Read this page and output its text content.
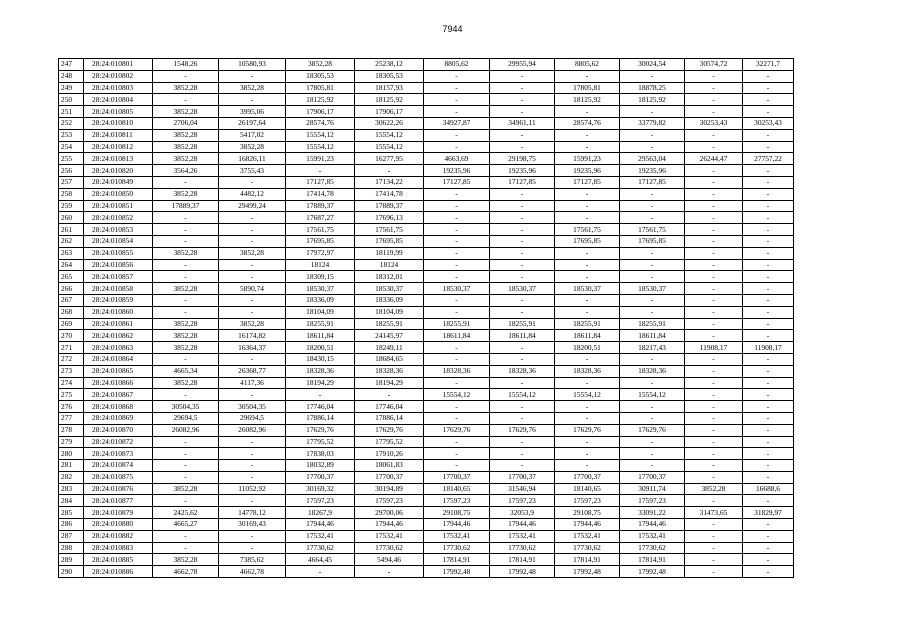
7944
247	28:24:010801	1548,26	10580,93	3852,28	25238,12	8805,62	29955,94	8805,62	30024,54	30574,72	32271,7
248	28:24:010802	-	-	18305,53	18305,53	-	-	-	-	-	-
249	28:24:010803	3852,28	3852,28	17805,81	18157,93	-	-	17805,81	18878,25	-	-
250	28:24:010804	-	-	18125,92	18125,92	-	-	18125,92	18125,92	-	-
251	28:24:010805	3852,28	3995,06	17906,17	17906,17	-	-	-	-	-	-
252	28:24:010810	2706,04	26197,64	28574,76	30622,26	34927,87	34961,11	28574,76	33779,82	30253,43	30253,43
253	28:24:010811	3852,28	5417,02	15554,12	15554,12	-	-	-	-	-	-
254	28:24:010812	3852,28	3852,28	15554,12	15554,12	-	-	-	-	-	-
255	28:24:010813	3852,28	16826,11	15991,23	16277,95	4663,69	29198,75	15991,23	29563,04	26244,47	27757,22
256	28:24:010820	3564,26	3755,43	-	-	19235,96	19235,96	19235,96	19235,96	-	-
257	28:24:010849	-	-	17127,85	17134,22	17127,85	17127,85	17127,85	17127,85	-	-
258	28:24:010850	3852,28	4482,12	17414,78	17414,78	-	-	-	-	-	-
259	28:24:010851	17889,37	29499,24	17889,37	17889,37	-	-	-	-	-	-
260	28:24:010852	-	-	17687,27	17696,13	-	-	-	-	-	-
261	28:24:010853	-	-	17561,75	17561,75	-	-	17561,75	17561,75	-	-
262	28:24:010854	-	-	17695,85	17695,85	-	-	17695,85	17695,85	-	-
263	28:24:010855	3852,28	3852,28	17972,97	18119,99	-	-	-	-	-	-
264	28:24:010856	-	-	18124	18124	-	-	-	-	-	-
265	28:24:010857	-	-	18309,15	18312,01	-	-	-	-	-	-
266	28:24:010858	3852,28	5890,74	18530,37	18530,37	18530,37	18530,37	18530,37	18530,37	-	-
267	28:24:010859	-	-	18336,09	18336,09	-	-	-	-	-	-
268	28:24:010860	-	-	18104,09	18104,09	-	-	-	-	-	-
269	28:24:010861	3852,28	3852,28	18255,91	18255,91	18255,91	18255,91	18255,91	18255,91	-	-
270	28:24:010862	3852,28	16174,82	18611,84	24145,97	18611,84	18611,84	18611,84	18611,84	-	-
271	28:24:010863	3852,28	16364,37	18200,51	18249,11	-	-	18200,51	18217,43	11908,17	11908,17
272	28:24:010864	-	-	18430,15	18684,65	-	-	-	-	-	-
273	28:24:010865	4665,34	26368,77	18328,36	18328,36	18328,36	18328,36	18328,36	18328,36	-	-
274	28:24:010866	3852,28	4117,36	18194,29	18194,29	-	-	-	-	-	-
275	28:24:010867	-	-	-	-	15554,12	15554,12	15554,12	15554,12	-	-
276	28:24:010868	30504,35	30504,35	17746,04	17746,04	-	-	-	-	-	-
277	28:24:010869	29694,5	29694,5	17886,14	17886,14	-	-	-	-	-	-
278	28:24:010870	26082,96	26082,96	17629,76	17629,76	17629,76	17629,76	17629,76	17629,76	-	-
279	28:24:010872	-	-	17795,52	17795,52	-	-	-	-	-	-
280	28:24:010873	-	-	17838,03	17910,26	-	-	-	-	-	-
281	28:24:010874	-	-	18032,89	18061,83	-	-	-	-	-	-
282	28:24:010875	-	-	17700,37	17700,37	17700,37	17700,37	17700,37	17700,37	-	-
283	28:24:010876	3852,28	11052,92	30169,32	30194,89	18140,65	31546,94	18140,65	30911,74	3852,28	16688,6
284	28:24:010877	-	-	17597,23	17597,23	17597,23	17597,23	17597,23	17597,23	-	-
285	28:24:010879	2425,62	14778,12	18267,9	29700,06	29108,75	32053,9	29108,75	33091,22	31473,65	31829,97
286	28:24:010880	4665,27	30169,43	17944,46	17944,46	17944,46	17944,46	17944,46	17944,46	-	-
287	28:24:010882	-	-	17532,41	17532,41	17532,41	17532,41	17532,41	17532,41	-	-
288	28:24:010883	-	-	17730,62	17730,62	17730,62	17730,62	17730,62	17730,62	-	-
289	28:24:010885	3852,28	7385,62	4664,45	5494,46	17814,91	17814,91	17814,91	17814,91	-	-
290	28:24:010886	4662,78	4662,78	-	-	17992,48	17992,48	17992,48	17992,48	-	-
